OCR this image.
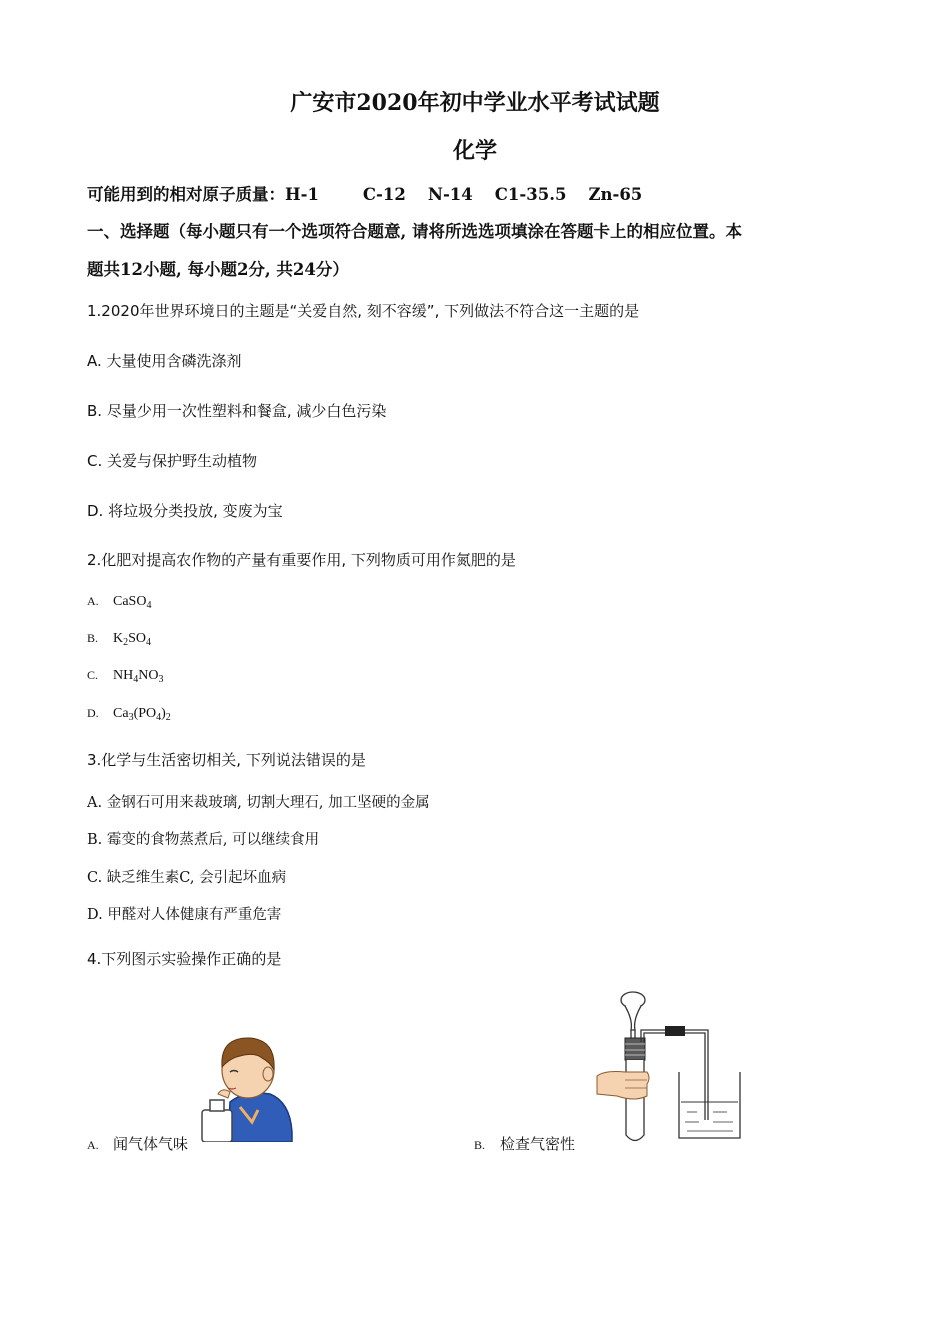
广安市2020年初中学业水平考试试题
化学
可能用到的相对原子质量：H-1	C-12 N-14 C1-35.5 Zn-65
一、选择题（每小题只有一个选项符合题意, 请将所选选项填涂在答题卡上的相应位置。本
题共12小题, 每小题2分, 共24分）
1.2020年世界环境日的主题是“关爱自然, 刻不容缓”, 下列做法不符合这一主题的是
A. 大量使用含磷洗涤剂
B. 尽量少用一次性塑料和餐盒, 减少白色污染
C. 关爱与保护野生动植物
D. 将垃圾分类投放, 变废为宝
2.化肥对提高农作物的产量有重要作用, 下列物质可用作氮肥的是
A. CaSO$_4$
B. $K_2SO_4$
C. $NH_4NO_3$
D. $Ca_3(PO_4)_2$
3.化学与生活密切相关, 下列说法错误的是
A. 金钢石可用来裁玻璃, 切割大理石, 加工坚硬的金属
B. 霉变的食物蒸煮后, 可以继续食用
C. 缺乏维生素C, 会引起坏血病
D. 甲醛对人体健康有严重危害
4.下列图示实验操作正确的是
A. 闻气体气味	B. 检查气密性
